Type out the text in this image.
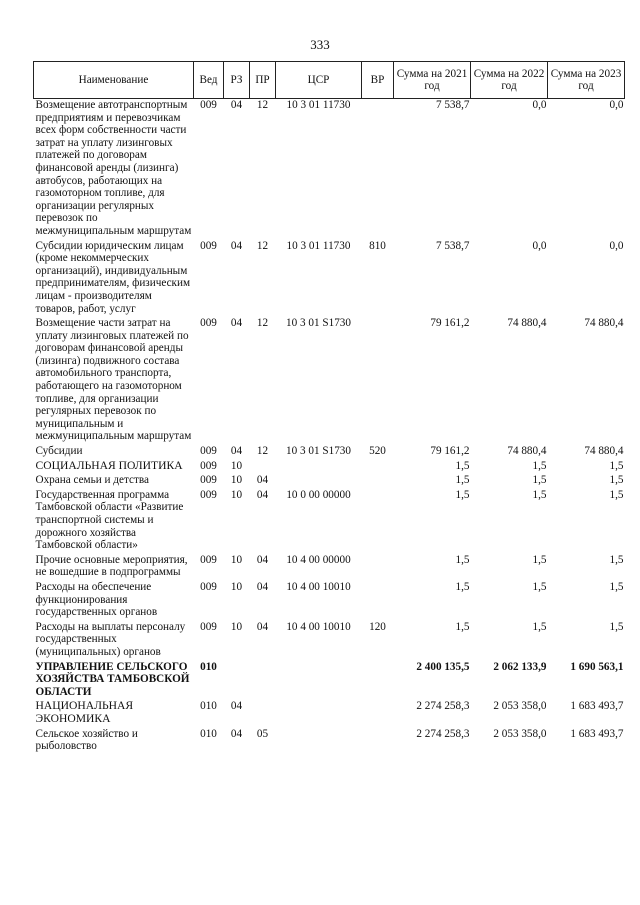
333
Наименование	Вед	РЗ	ПР	ЦСР	ВР	Сумма на 2021 год	Сумма на 2022 год	Сумма на 2023 год
Возмещение автотранспортным предприятиям и перевозчикам всех форм собственности части затрат на уплату лизинговых платежей по договорам финансовой аренды (лизинга) автобусов, работающих на газомоторном топливе, для организации регулярных перевозок по межмуниципальным маршрутам	009	04	12	10 3 01 11730		7 538,7	0,0	0,0
Субсидии юридическим лицам (кроме некоммерческих организаций), индивидуальным предпринимателям, физическим лицам - производителям товаров, работ, услуг	009	04	12	10 3 01 11730	810	7 538,7	0,0	0,0
Возмещение части затрат на уплату лизинговых платежей по договорам финансовой аренды (лизинга) подвижного состава автомобильного транспорта, работающего на газомоторном топливе, для организации регулярных перевозок по муниципальным и межмуниципальным маршрутам	009	04	12	10 3 01 S1730		79 161,2	74 880,4	74 880,4
Субсидии	009	04	12	10 3 01 S1730	520	79 161,2	74 880,4	74 880,4
СОЦИАЛЬНАЯ ПОЛИТИКА	009	10				1,5	1,5	1,5
Охрана семьи и детства	009	10	04			1,5	1,5	1,5
Государственная программа Тамбовской области «Развитие транспортной системы и дорожного хозяйства Тамбовской области»	009	10	04	10 0 00 00000		1,5	1,5	1,5
Прочие основные мероприятия, не вошедшие в подпрограммы	009	10	04	10 4 00 00000		1,5	1,5	1,5
Расходы на обеспечение функционирования государственных органов	009	10	04	10 4 00 10010		1,5	1,5	1,5
Расходы на выплаты персоналу государственных (муниципальных) органов	009	10	04	10 4 00 10010	120	1,5	1,5	1,5
УПРАВЛЕНИЕ СЕЛЬСКОГО ХОЗЯЙСТВА ТАМБОВСКОЙ ОБЛАСТИ	010					2 400 135,5	2 062 133,9	1 690 563,1
НАЦИОНАЛЬНАЯ ЭКОНОМИКА	010	04				2 274 258,3	2 053 358,0	1 683 493,7
Сельское хозяйство и рыболовство	010	04	05			2 274 258,3	2 053 358,0	1 683 493,7
